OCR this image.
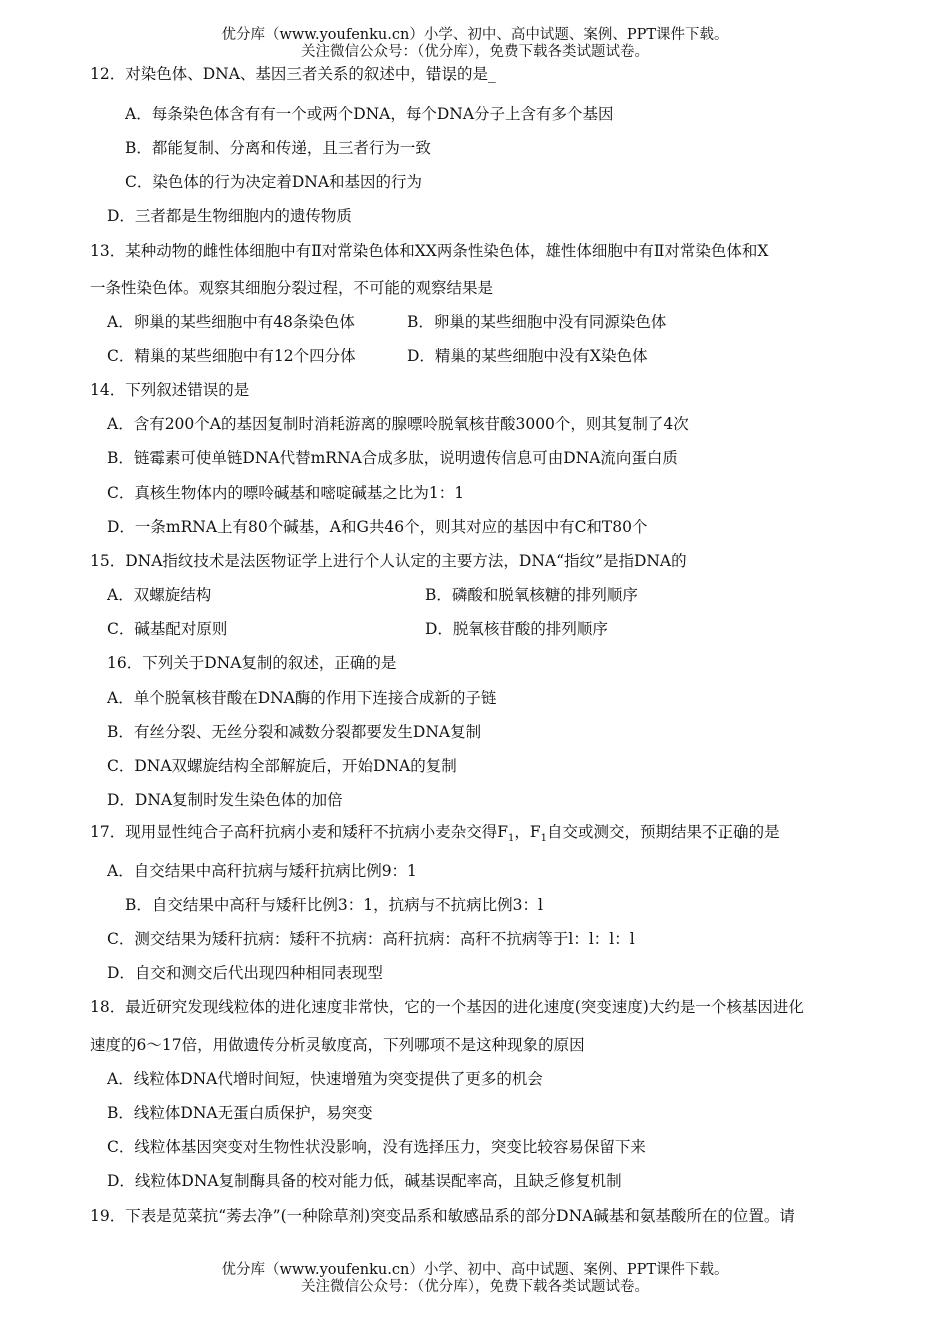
优分库（www.youfenku.cn）小学、初中、高中试题、案例、PPT课件下载。
关注微信公众号：（优分库），免费下载各类试题试卷。
12．对染色体、DNA、基因三者关系的叙述中，错误的是_
A．每条染色体含有有一个或两个DNA，每个DNA分子上含有多个基因
B．都能复制、分离和传递，且三者行为一致
C．染色体的行为决定着DNA和基因的行为
D．三者都是生物细胞内的遗传物质
13．某种动物的雌性体细胞中有Ⅱ对常染色体和XX两条性染色体，雄性体细胞中有Ⅱ对常染色体和X
一条性染色体。观察其细胞分裂过程，不可能的观察结果是
A．卵巢的某些细胞中有48条染色体	B．卵巢的某些细胞中没有同源染色体
C．精巢的某些细胞中有12个四分体	D．精巢的某些细胞中没有X染色体
14．下列叙述错误的是
A．含有200个A的基因复制时消耗游离的腺嘌呤脱氧核苷酸3000个，则其复制了4次
B．链霉素可使单链DNA代替mRNA合成多肽，说明遗传信息可由DNA流向蛋白质
C．真核生物体内的嘌呤碱基和嘧啶碱基之比为1：1
D．一条mRNA上有80个碱基，A和G共46个，则其对应的基因中有C和T80个
15．DNA指纹技术是法医物证学上进行个人认定的主要方法，DNA“指纹”是指DNA的
A．双螺旋结构	B．磷酸和脱氧核糖的排列顺序
C．碱基配对原则	D．脱氧核苷酸的排列顺序
16．下列关于DNA复制的叙述，正确的是
A．单个脱氧核苷酸在DNA酶的作用下连接合成新的子链
B．有丝分裂、无丝分裂和减数分裂都要发生DNA复制
C．DNA双螺旋结构全部解旋后，开始DNA的复制
D．DNA复制时发生染色体的加倍
17．现用显性纯合子高秆抗病小麦和矮秆不抗病小麦杂交得$F_1$，$F_1$自交或测交，预期结果不正确的是
A．自交结果中高秆抗病与矮秆抗病比例9：1
B．自交结果中高秆与矮秆比例3：1，抗病与不抗病比例3：l
C．测交结果为矮秆抗病：矮秆不抗病：高秆抗病：高秆不抗病等于l：l：l：l
D．自交和测交后代出现四种相同表现型
18．最近研究发现线粒体的进化速度非常快，它的一个基因的进化速度(突变速度)大约是一个核基因进化
速度的6～17倍，用做遗传分析灵敏度高，下列哪项不是这种现象的原因
A．线粒体DNA代增时间短，快速增殖为突变提供了更多的机会
B．线粒体DNA无蛋白质保护，易突变
C．线粒体基因突变对生物性状没影响，没有选择压力，突变比较容易保留下来
D．线粒体DNA复制酶具备的校对能力低，碱基误配率高，且缺乏修复机制
19．下表是苋菜抗“莠去净”(一种除草剂)突变品系和敏感品系的部分DNA碱基和氨基酸所在的位置。请
优分库（www.youfenku.cn）小学、初中、高中试题、案例、PPT课件下载。
关注微信公众号：（优分库），免费下载各类试题试卷。
